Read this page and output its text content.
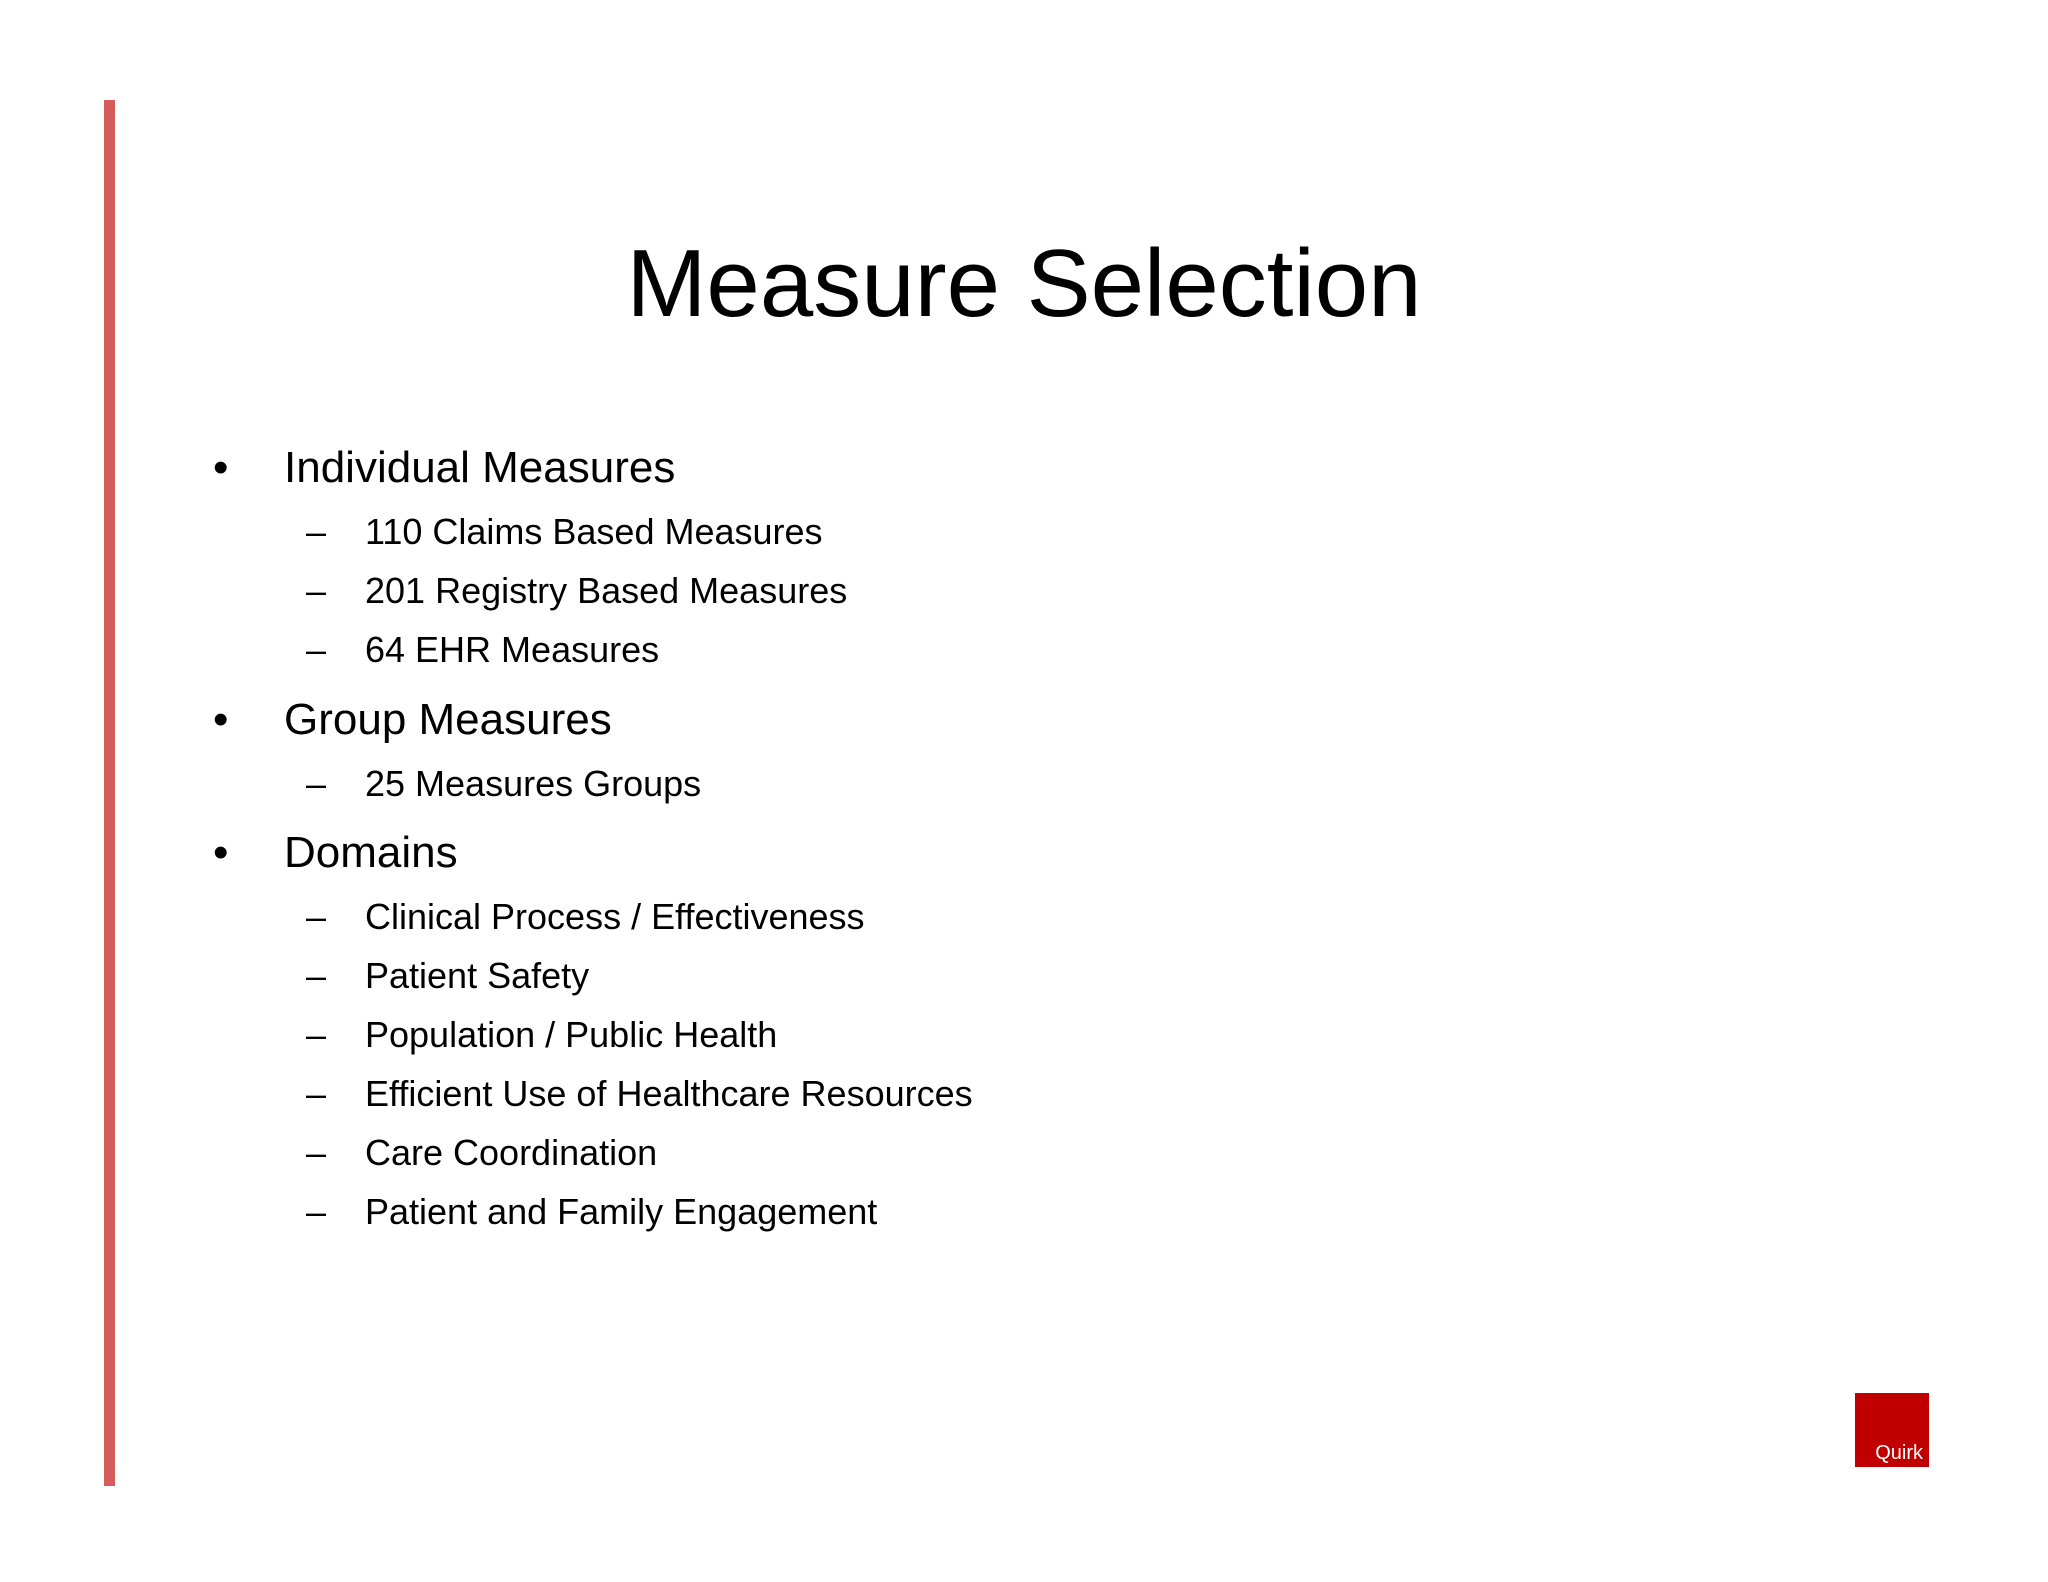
Measure Selection
• Individual Measures
– 110 Claims Based Measures
– 201 Registry Based Measures
– 64 EHR Measures
• Group Measures
– 25 Measures Groups
• Domains
– Clinical Process / Effectiveness
– Patient Safety
– Population / Public Health
– Efficient Use of Healthcare Resources
– Care Coordination
– Patient and Family Engagement
Quirk
